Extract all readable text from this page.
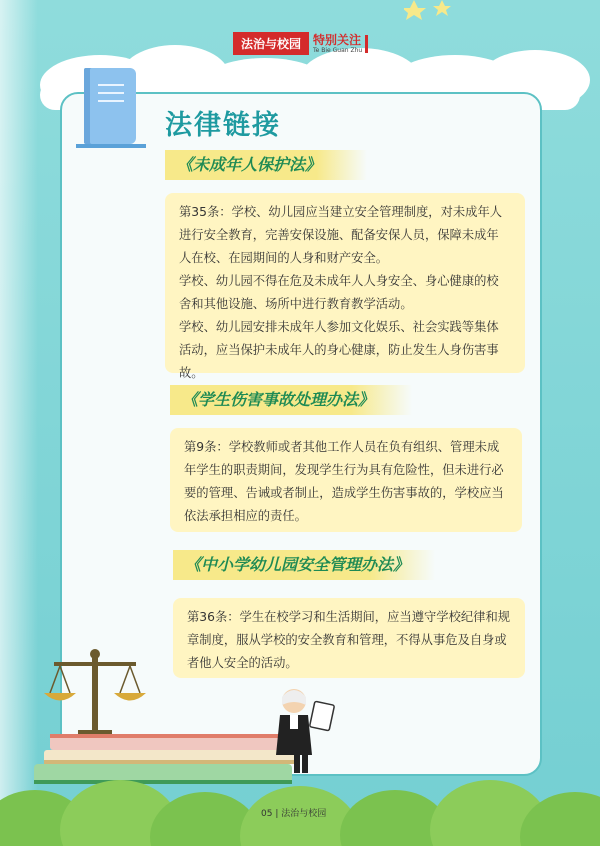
法治与校园	特别关注
Te Bie Guan Zhu
法律链接
《未成年人保护法》

第35条：学校、幼儿园应当建立安全管理制度，对未成年人进行安全教育，完善安保设施、配备安保人员，保障未成年人在校、在园期间的人身和财产安全。

学校、幼儿园不得在危及未成年人人身安全、身心健康的校舍和其他设施、场所中进行教育教学活动。

学校、幼儿园安排未成年人参加文化娱乐、社会实践等集体活动，应当保护未成年人的身心健康，防止发生人身伤害事故。

《学生伤害事故处理办法》

第9条：学校教师或者其他工作人员在负有组织、管理未成年学生的职责期间，发现学生行为具有危险性，但未进行必要的管理、告诫或者制止，造成学生伤害事故的，学校应当依法承担相应的责任。

《中小学幼儿园安全管理办法》

第36条：学生在校学习和生活期间，应当遵守学校纪律和规章制度，服从学校的安全教育和管理，不得从事危及自身或者他人安全的活动。

05 | 法治与校园
